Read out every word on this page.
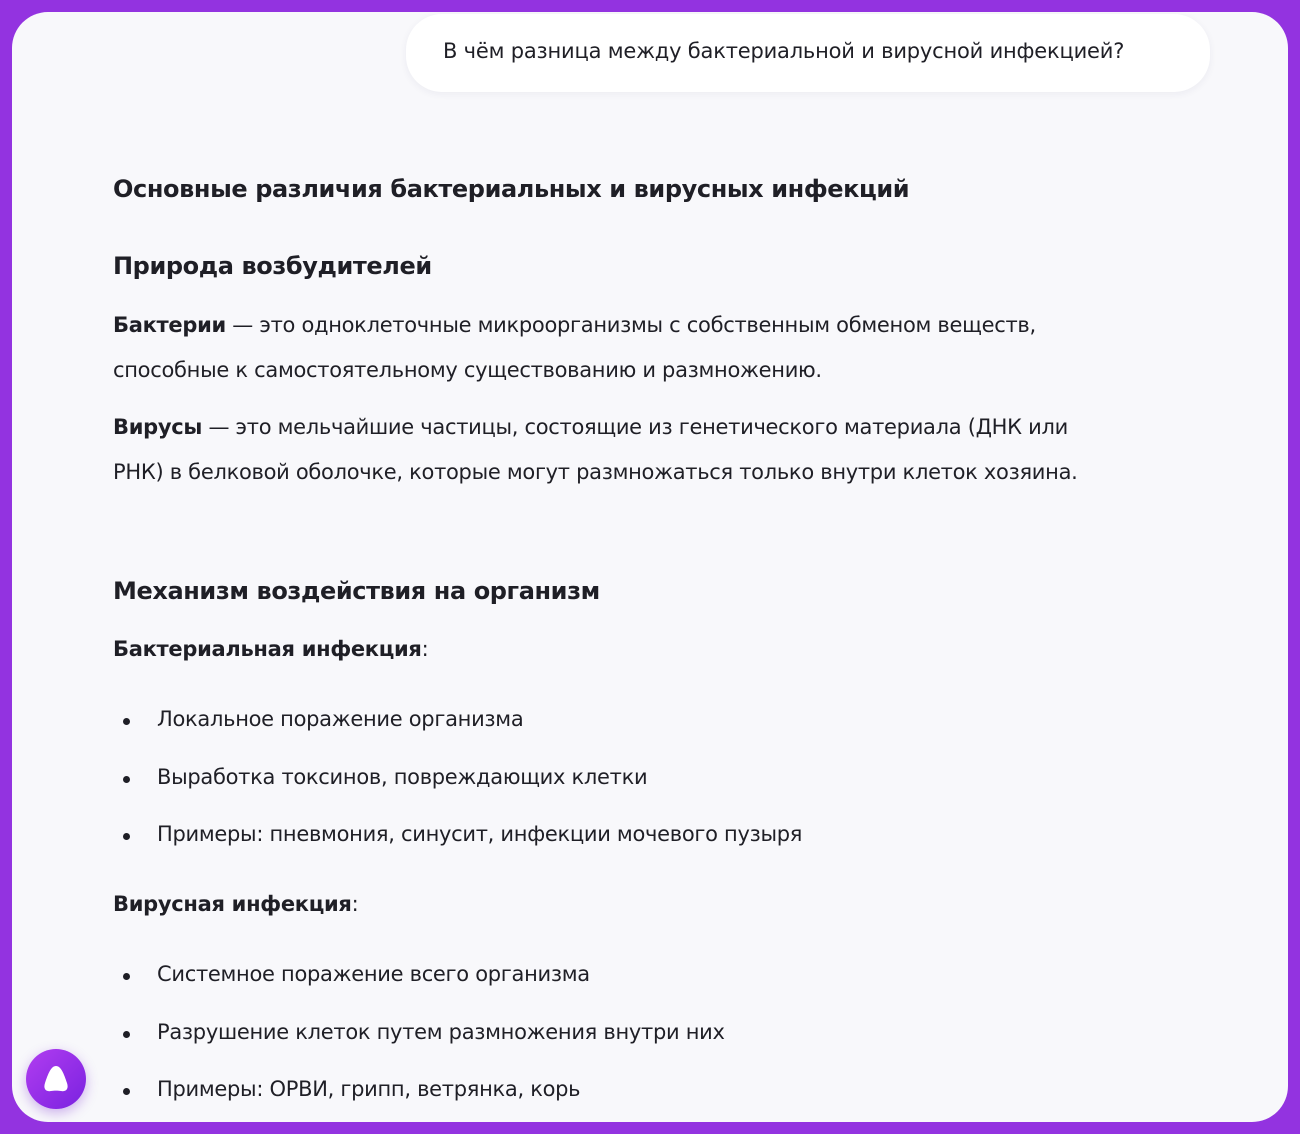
В чём разница между бактериальной и вирусной инфекцией?
Основные различия бактериальных и вирусных инфекций
Природа возбудителей
Бактерии — это одноклеточные микроорганизмы с собственным обменом веществ, способные к самостоятельному существованию и размножению.
Вирусы — это мельчайшие частицы, состоящие из генетического материала (ДНК или РНК) в белковой оболочке, которые могут размножаться только внутри клеток хозяина.
Механизм воздействия на организм
Бактериальная инфекция:
Локальное поражение организма
Выработка токсинов, повреждающих клетки
Примеры: пневмония, синусит, инфекции мочевого пузыря
Вирусная инфекция:
Системное поражение всего организма
Разрушение клеток путем размножения внутри них
Примеры: ОРВИ, грипп, ветрянка, корь
